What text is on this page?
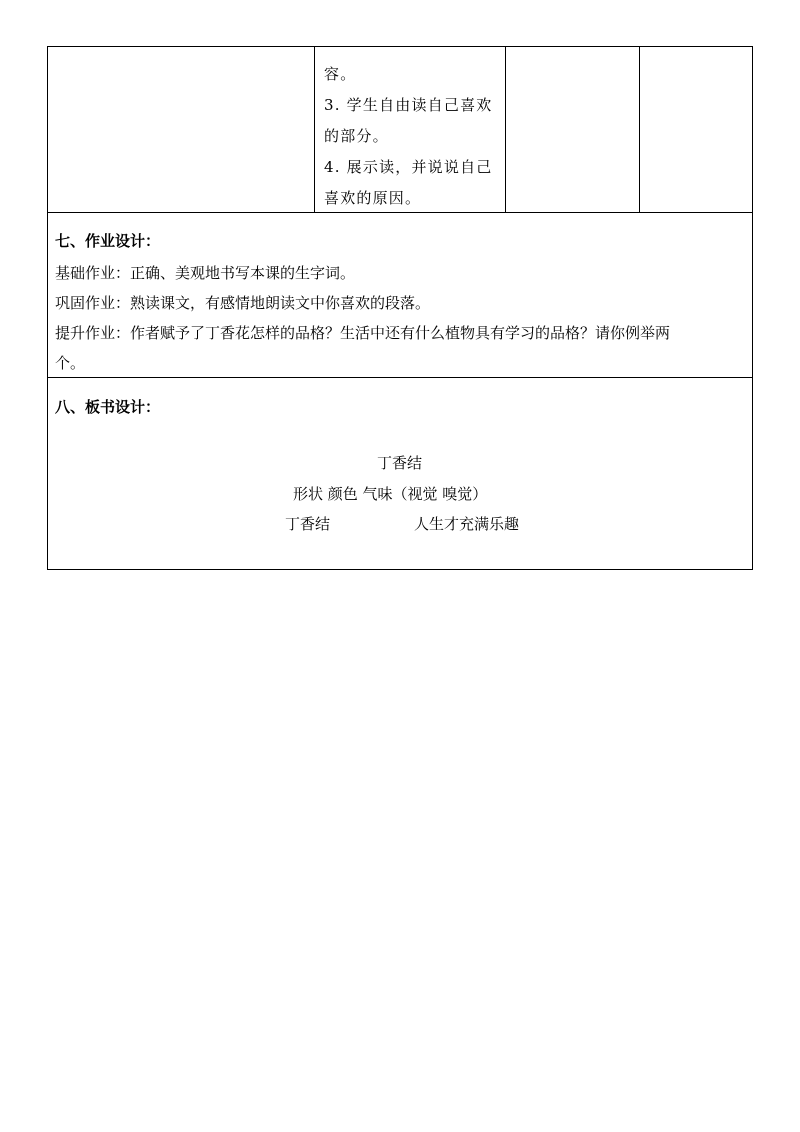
容。
3. 学生自由读自己喜欢
的部分。
4. 展示读，并说说自己
喜欢的原因。
七、作业设计：
基础作业：正确、美观地书写本课的生字词。
巩固作业：熟读课文，有感情地朗读文中你喜欢的段落。
提升作业：作者赋予了丁香花怎样的品格？生活中还有什么植物具有学习的品格？请你例举两
个。
八、板书设计：
丁香结
形状 颜色 气味（视觉 嗅觉）
丁香结	人生才充满乐趣
